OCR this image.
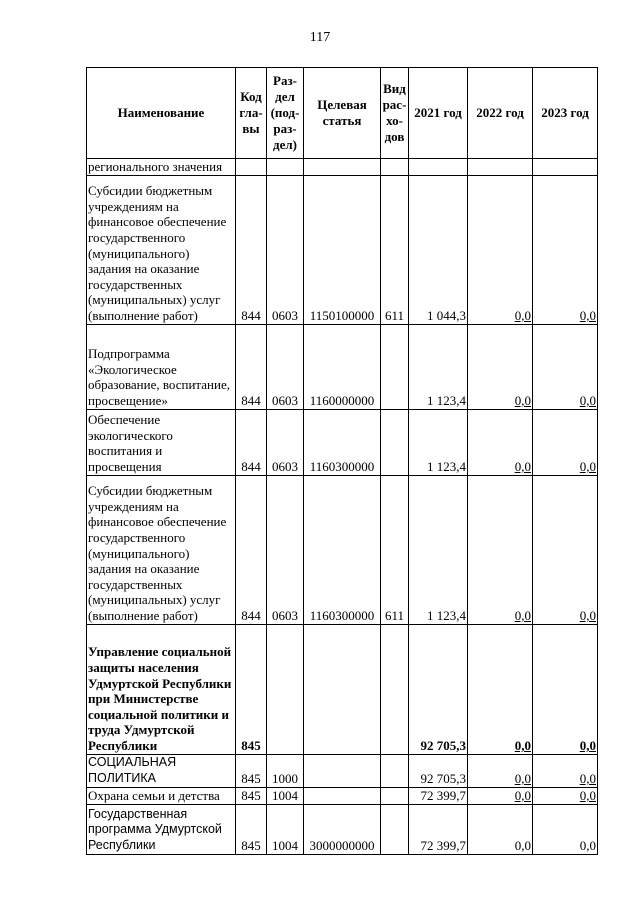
117
Наименование	Код гла- вы	Раз- дел (под- раз- дел)	Целевая статья	Вид рас- хо- дов	2021 год	2022 год	2023 год
регионального значения							
Субсидии бюджетным учреждениям на финансовое обеспечение государственного (муниципального) задания на оказание государственных (муниципальных) услуг (выполнение работ)	844	0603	1150100000	611	1 044,3	0,0	0,0
Подпрограмма «Экологическое образование, воспитание, просвещение»	844	0603	1160000000		1 123,4	0,0	0,0
Обеспечение экологического воспитания и просвещения	844	0603	1160300000		1 123,4	0,0	0,0
Субсидии бюджетным учреждениям на финансовое обеспечение государственного (муниципального) задания на оказание государственных (муниципальных) услуг (выполнение работ)	844	0603	1160300000	611	1 123,4	0,0	0,0
Управление социальной защиты населения Удмуртской Республики при Министерстве социальной политики и труда Удмуртской Республики	845				92 705,3	0,0	0,0
СОЦИАЛЬНАЯ ПОЛИТИКА	845	1000			92 705,3	0,0	0,0
Охрана семьи и детства	845	1004			72 399,7	0,0	0,0
Государственная программа Удмуртской Республики	845	1004	3000000000		72 399,7	0,0	0,0
